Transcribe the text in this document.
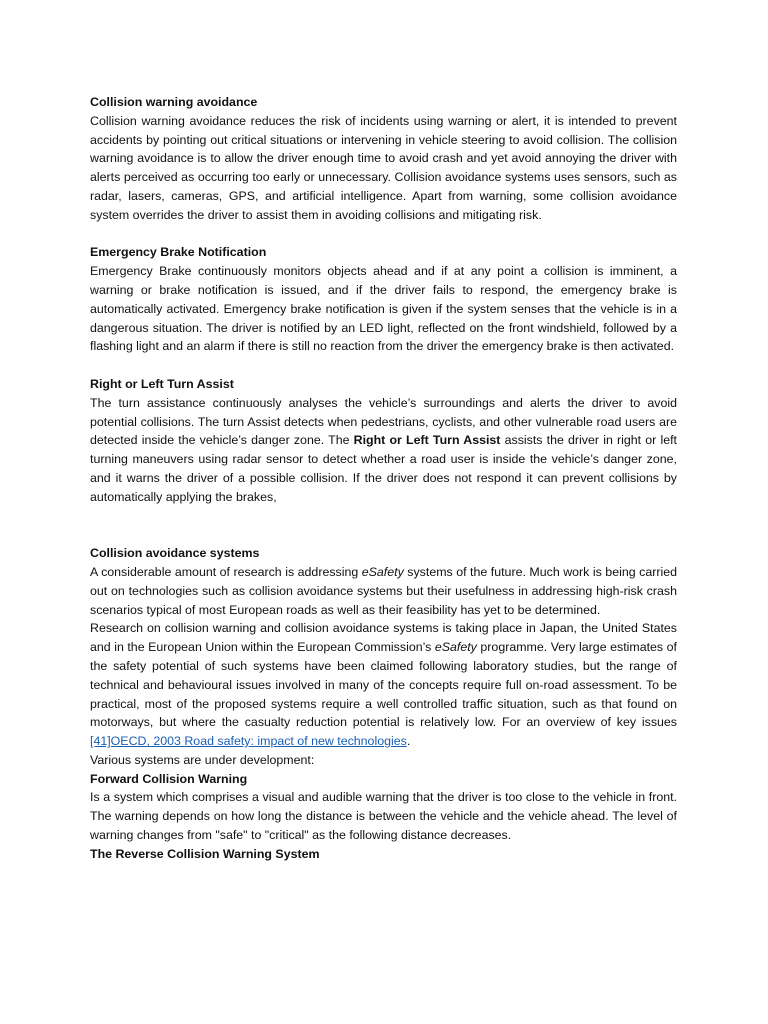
Collision warning avoidance

Collision warning avoidance reduces the risk of incidents using warning or alert, it is intended to prevent accidents by pointing out critical situations or intervening in vehicle steering to avoid collision. The collision warning avoidance is to allow the driver enough time to avoid crash and yet avoid annoying the driver with alerts perceived as occurring too early or unnecessary. Collision avoidance systems uses sensors, such as radar, lasers, cameras, GPS, and artificial intelligence. Apart from warning, some collision avoidance system overrides the driver to assist them in avoiding collisions and mitigating risk.

Emergency Brake Notification

Emergency Brake continuously monitors objects ahead and if at any point a collision is imminent, a warning or brake notification is issued, and if the driver fails to respond, the emergency brake is automatically activated. Emergency brake notification is given if the system senses that the vehicle is in a dangerous situation. The driver is notified by an LED light, reflected on the front windshield, followed by a flashing light and an alarm if there is still no reaction from the driver the emergency brake is then activated.

Right or Left Turn Assist

The turn assistance continuously analyses the vehicle’s surroundings and alerts the driver to avoid potential collisions. The turn Assist detects when pedestrians, cyclists, and other vulnerable road users are detected inside the vehicle’s danger zone. The Right or Left Turn Assist assists the driver in right or left turning maneuvers using radar sensor to detect whether a road user is inside the vehicle’s danger zone, and it warns the driver of a possible collision. If the driver does not respond it can prevent collisions by automatically applying the brakes,

Collision avoidance systems

A considerable amount of research is addressing eSafety systems of the future. Much work is being carried out on technologies such as collision avoidance systems but their usefulness in addressing high-risk crash scenarios typical of most European roads as well as their feasibility has yet to be determined.

Research on collision warning and collision avoidance systems is taking place in Japan, the United States and in the European Union within the European Commission’s eSafety programme. Very large estimates of the safety potential of such systems have been claimed following laboratory studies, but the range of technical and behavioural issues involved in many of the concepts require full on-road assessment. To be practical, most of the proposed systems require a well controlled traffic situation, such as that found on motorways, but where the casualty reduction potential is relatively low. For an overview of key issues [41]OECD, 2003 Road safety: impact of new technologies.

Various systems are under development:

Forward Collision Warning

Is a system which comprises a visual and audible warning that the driver is too close to the vehicle in front. The warning depends on how long the distance is between the vehicle and the vehicle ahead. The level of warning changes from "safe" to "critical" as the following distance decreases.

The Reverse Collision Warning System
